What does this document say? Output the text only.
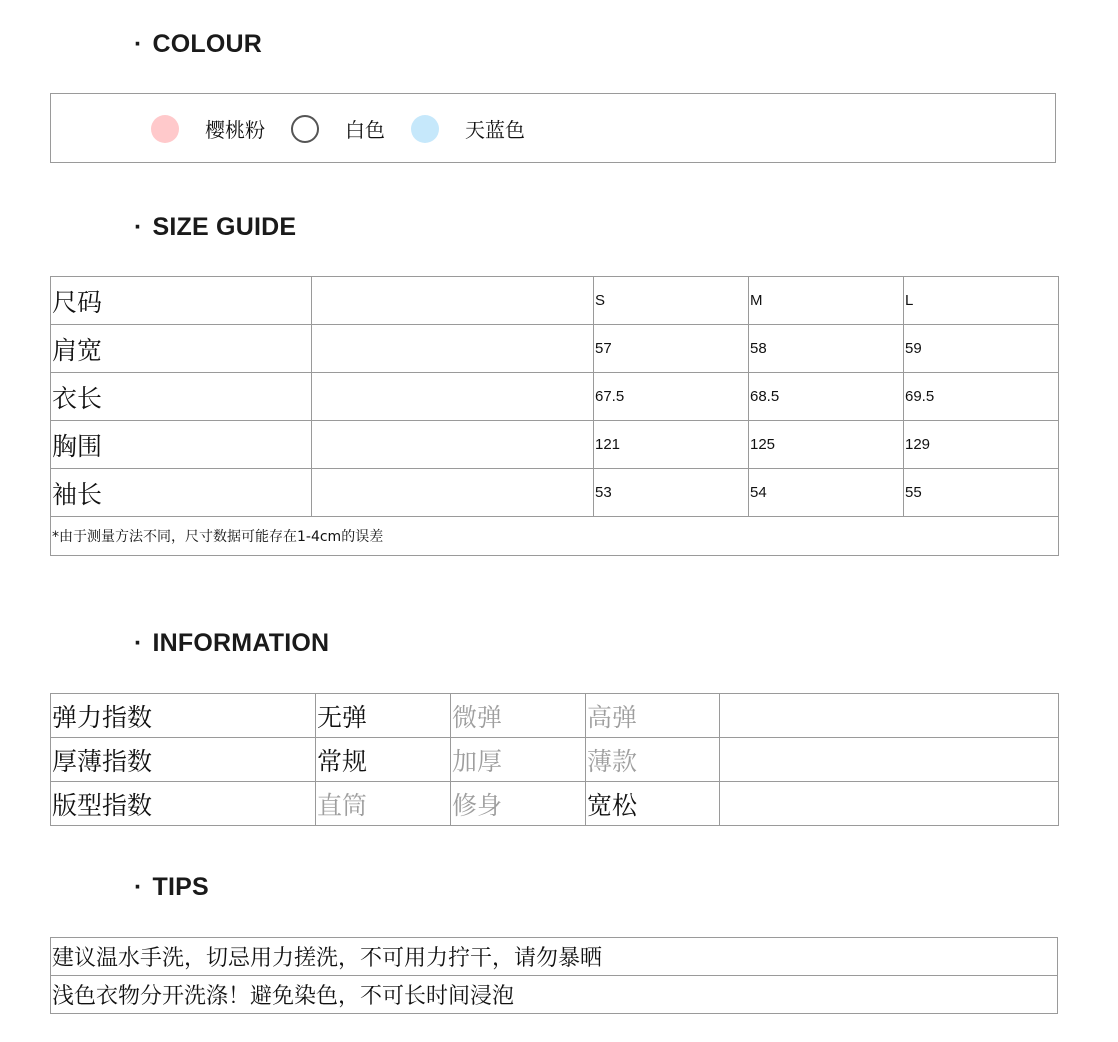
· COLOUR
樱桃粉	白色	天蓝色
· SIZE GUIDE
尺码		S	M	L
肩宽		57	58	59
衣长		67.5	68.5	69.5
胸围		121	125	129
袖长		53	54	55
*由于测量方法不同，尺寸数据可能存在1-4cm的误差				
· INFORMATION
弹力指数	无弹	微弹	高弹	
厚薄指数	常规	加厚	薄款	
版型指数	直筒	修身	宽松	
· TIPS
建议温水手洗，切忌用力搓洗，不可用力拧干，请勿暴晒
浅色衣物分开洗涤！避免染色，不可长时间浸泡
